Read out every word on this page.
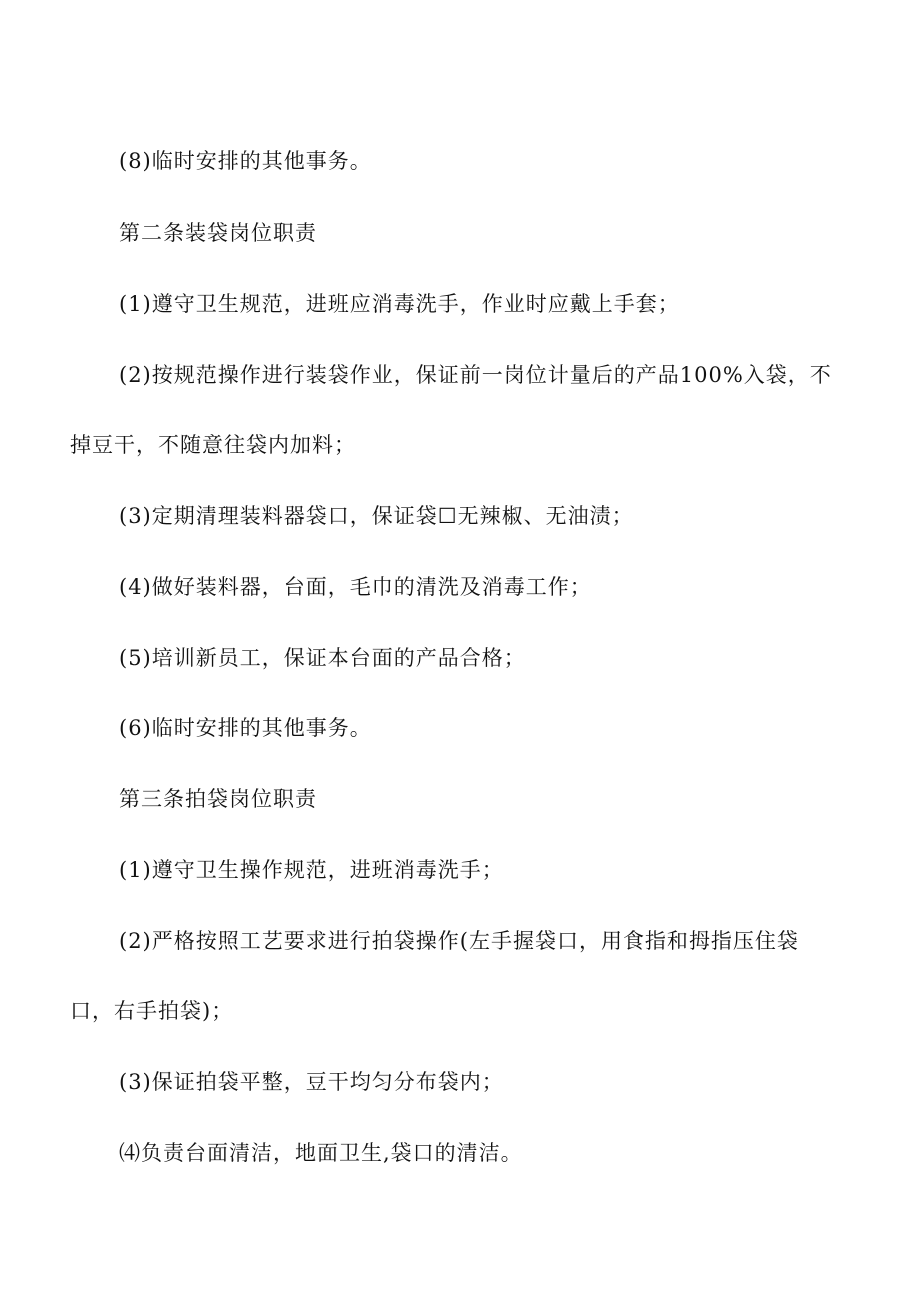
(8)临时安排的其他事务。
第二条装袋岗位职责
(1)遵守卫生规范，进班应消毒洗手，作业时应戴上手套；
(2)按规范操作进行装袋作业，保证前一岗位计量后的产品100%入袋，不
掉豆干，不随意往袋内加料；
(3)定期清理装料器袋口，保证袋☐无辣椒、无油渍；
(4)做好装料器，台面，毛巾的清洗及消毒工作；
(5)培训新员工，保证本台面的产品合格；
(6)临时安排的其他事务。
第三条拍袋岗位职责
(1)遵守卫生操作规范，进班消毒洗手；
(2)严格按照工艺要求进行拍袋操作(左手握袋口，用食指和拇指压住袋
口，右手拍袋)；
(3)保证拍袋平整，豆干均匀分布袋内；
⑷负责台面清洁，地面卫生,袋口的清洁。
